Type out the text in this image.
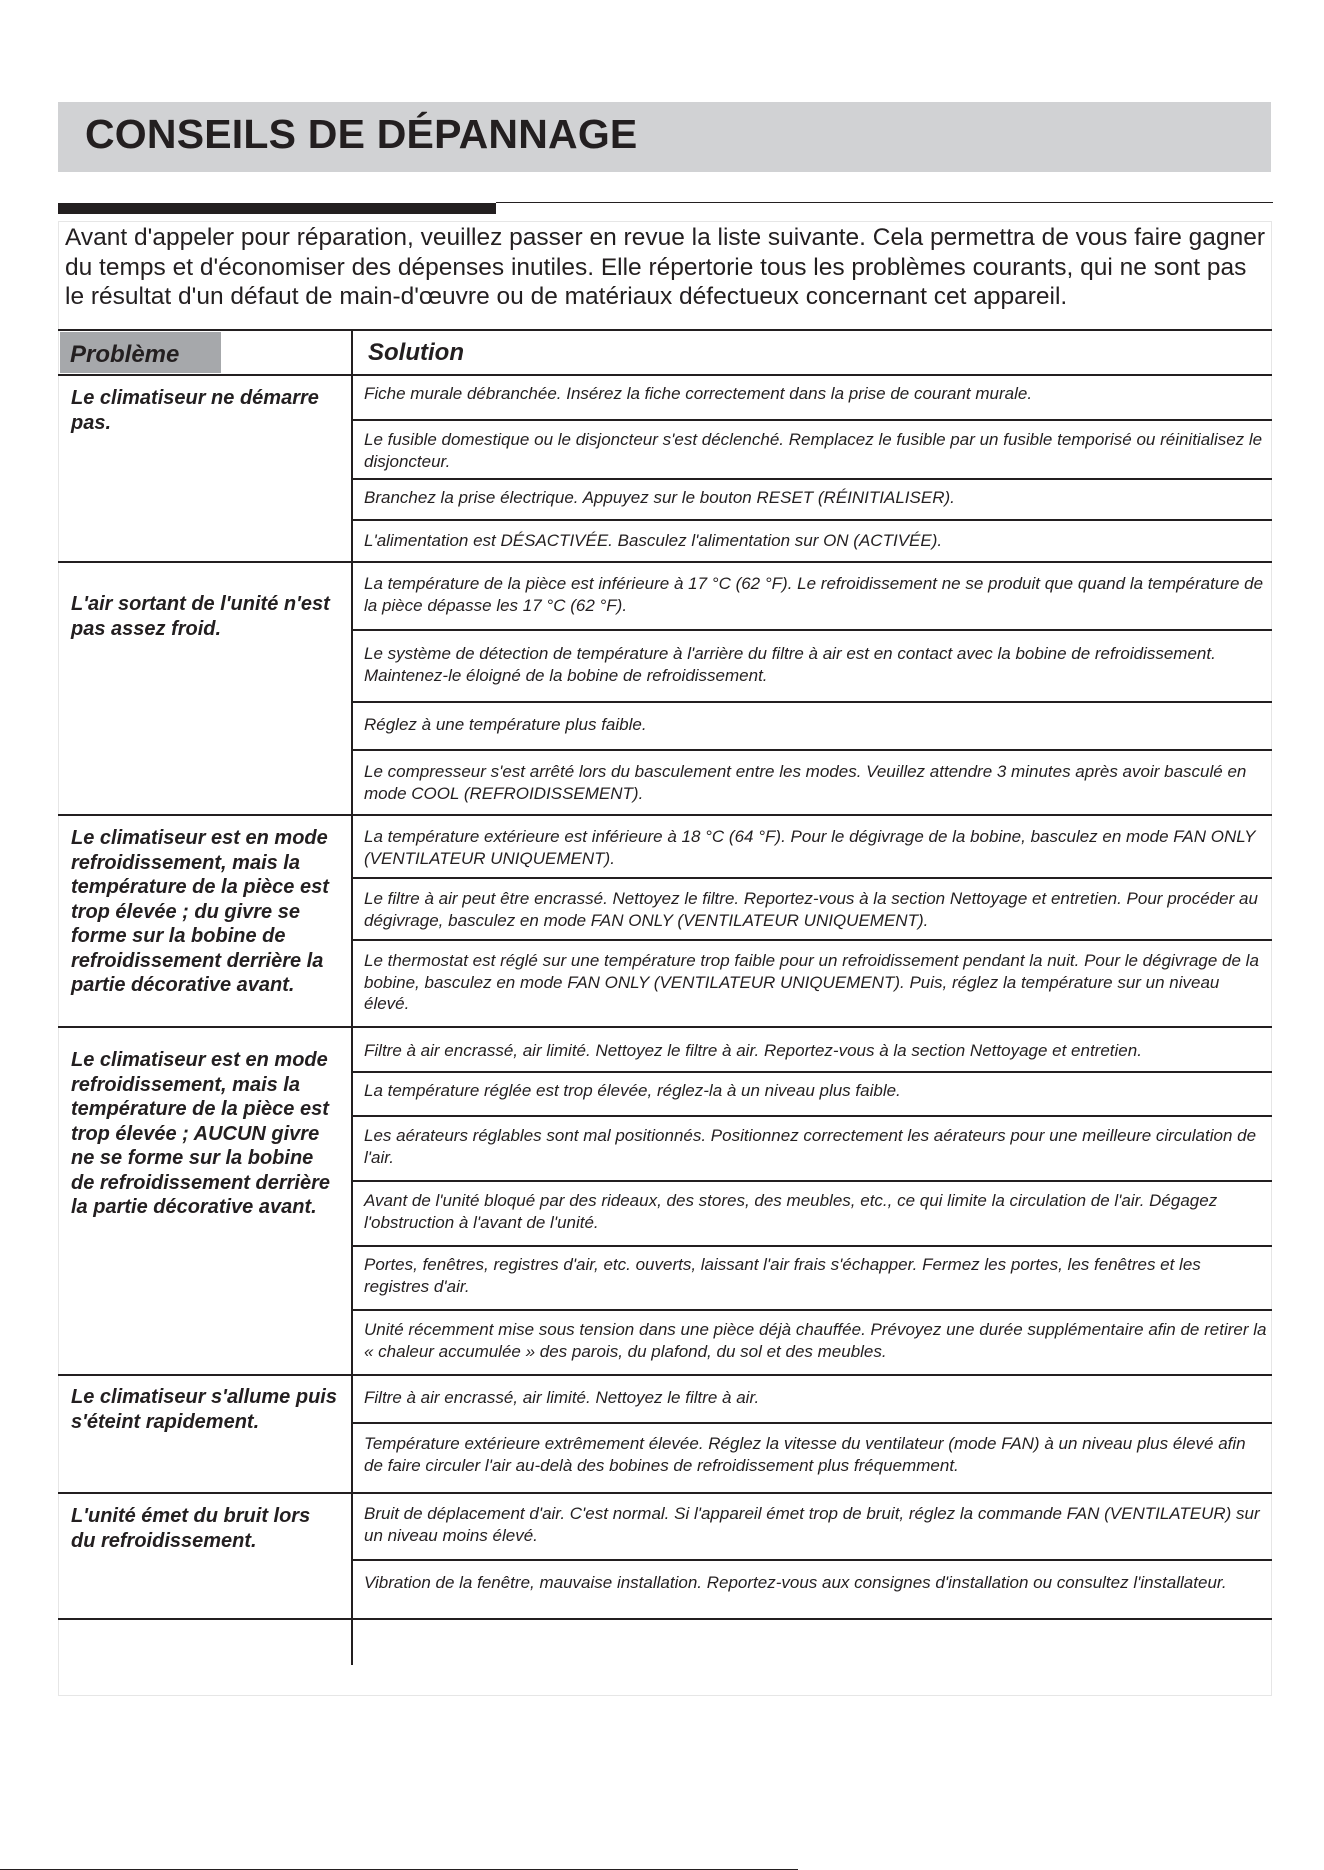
CONSEILS DE DÉPANNAGE
Avant d'appeler pour réparation, veuillez passer en revue la liste suivante. Cela permettra de vous faire gagner du temps et d'économiser des dépenses inutiles. Elle répertorie tous les problèmes courants, qui ne sont pas le résultat d'un défaut de main-d'œuvre ou de matériaux défectueux concernant cet appareil.
Problème	Solution
Le climatiseur ne démarre pas.
Fiche murale débranchée. Insérez la fiche correctement dans la prise de courant murale.
Le fusible domestique ou le disjoncteur s'est déclenché. Remplacez le fusible par un fusible temporisé ou réinitialisez le disjoncteur.
Branchez la prise électrique. Appuyez sur le bouton RESET (RÉINITIALISER).
L'alimentation est DÉSACTIVÉE. Basculez l'alimentation sur ON (ACTIVÉE).
L'air sortant de l'unité n'est pas assez froid.
La température de la pièce est inférieure à 17 °C (62 °F). Le refroidissement ne se produit que quand la température de la pièce dépasse les 17 °C (62 °F).
Le système de détection de température à l'arrière du filtre à air est en contact avec la bobine de refroidissement. Maintenez-le éloigné de la bobine de refroidissement.
Réglez à une température plus faible.
Le compresseur s'est arrêté lors du basculement entre les modes. Veuillez attendre 3 minutes après avoir basculé en mode COOL (REFROIDISSEMENT).
Le climatiseur est en mode refroidissement, mais la température de la pièce est trop élevée ; du givre se forme sur la bobine de refroidissement derrière la partie décorative avant.
La température extérieure est inférieure à 18 °C (64 °F). Pour le dégivrage de la bobine, basculez en mode FAN ONLY (VENTILATEUR UNIQUEMENT).
Le filtre à air peut être encrassé. Nettoyez le filtre. Reportez-vous à la section Nettoyage et entretien. Pour procéder au dégivrage, basculez en mode FAN ONLY (VENTILATEUR UNIQUEMENT).
Le thermostat est réglé sur une température trop faible pour un refroidissement pendant la nuit. Pour le dégivrage de la bobine, basculez en mode FAN ONLY (VENTILATEUR UNIQUEMENT). Puis, réglez la température sur un niveau élevé.
Le climatiseur est en mode refroidissement, mais la température de la pièce est trop élevée ; AUCUN givre ne se forme sur la bobine de refroidissement derrière la partie décorative avant.
Filtre à air encrassé, air limité. Nettoyez le filtre à air. Reportez-vous à la section Nettoyage et entretien.
La température réglée est trop élevée, réglez-la à un niveau plus faible.
Les aérateurs réglables sont mal positionnés. Positionnez correctement les aérateurs pour une meilleure circulation de l'air.
Avant de l'unité bloqué par des rideaux, des stores, des meubles, etc., ce qui limite la circulation de l'air. Dégagez l'obstruction à l'avant de l'unité.
Portes, fenêtres, registres d'air, etc. ouverts, laissant l'air frais s'échapper. Fermez les portes, les fenêtres et les registres d'air.
Unité récemment mise sous tension dans une pièce déjà chauffée. Prévoyez une durée supplémentaire afin de retirer la « chaleur accumulée » des parois, du plafond, du sol et des meubles.
Le climatiseur s'allume puis s'éteint rapidement.
Filtre à air encrassé, air limité. Nettoyez le filtre à air.
Température extérieure extrêmement élevée. Réglez la vitesse du ventilateur (mode FAN) à un niveau plus élevé afin de faire circuler l'air au-delà des bobines de refroidissement plus fréquemment.
L'unité émet du bruit lors du refroidissement.
Bruit de déplacement d'air. C'est normal. Si l'appareil émet trop de bruit, réglez la commande FAN (VENTILATEUR) sur un niveau moins élevé.
Vibration de la fenêtre, mauvaise installation. Reportez-vous aux consignes d'installation ou consultez l'installateur.
